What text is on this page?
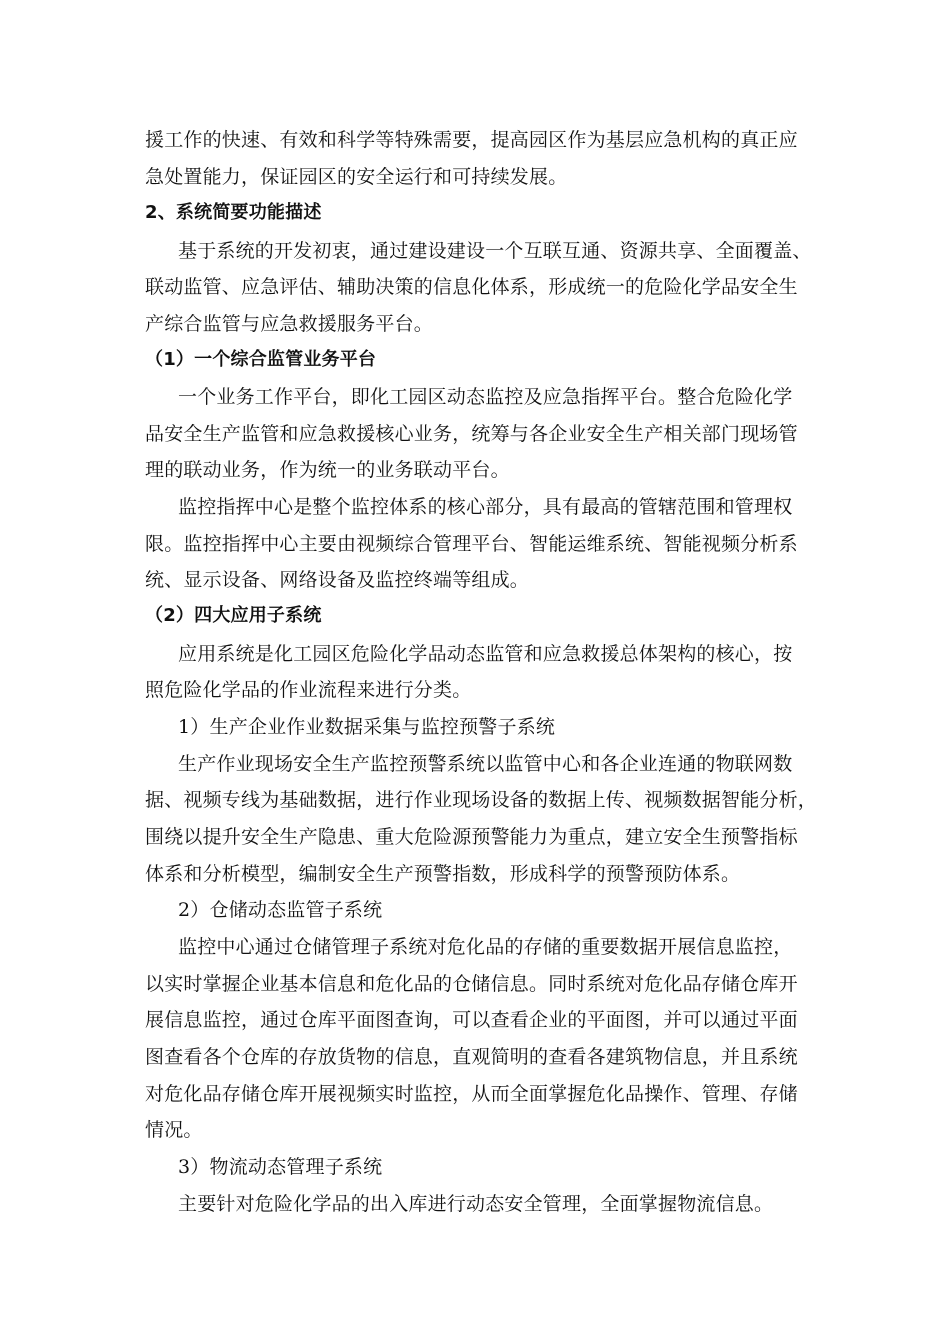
援工作的快速、有效和科学等特殊需要，提高园区作为基层应急机构的真正应
急处置能力，保证园区的安全运行和可持续发展。
2、系统简要功能描述
基于系统的开发初衷，通过建设建设一个互联互通、资源共享、全面覆盖、
联动监管、应急评估、辅助决策的信息化体系，形成统一的危险化学品安全生
产综合监管与应急救援服务平台。
（1）一个综合监管业务平台
一个业务工作平台，即化工园区动态监控及应急指挥平台。整合危险化学
品安全生产监管和应急救援核心业务，统筹与各企业安全生产相关部门现场管
理的联动业务，作为统一的业务联动平台。
监控指挥中心是整个监控体系的核心部分，具有最高的管辖范围和管理权
限。监控指挥中心主要由视频综合管理平台、智能运维系统、智能视频分析系
统、显示设备、网络设备及监控终端等组成。
（2）四大应用子系统
应用系统是化工园区危险化学品动态监管和应急救援总体架构的核心，按
照危险化学品的作业流程来进行分类。
1）生产企业作业数据采集与监控预警子系统
生产作业现场安全生产监控预警系统以监管中心和各企业连通的物联网数
据、视频专线为基础数据，进行作业现场设备的数据上传、视频数据智能分析，
围绕以提升安全生产隐患、重大危险源预警能力为重点，建立安全生预警指标
体系和分析模型，编制安全生产预警指数，形成科学的预警预防体系。
2）仓储动态监管子系统
监控中心通过仓储管理子系统对危化品的存储的重要数据开展信息监控，
以实时掌握企业基本信息和危化品的仓储信息。同时系统对危化品存储仓库开
展信息监控，通过仓库平面图查询，可以查看企业的平面图，并可以通过平面
图查看各个仓库的存放货物的信息，直观简明的查看各建筑物信息，并且系统
对危化品存储仓库开展视频实时监控，从而全面掌握危化品操作、管理、存储
情况。
3）物流动态管理子系统
主要针对危险化学品的出入库进行动态安全管理，全面掌握物流信息。
